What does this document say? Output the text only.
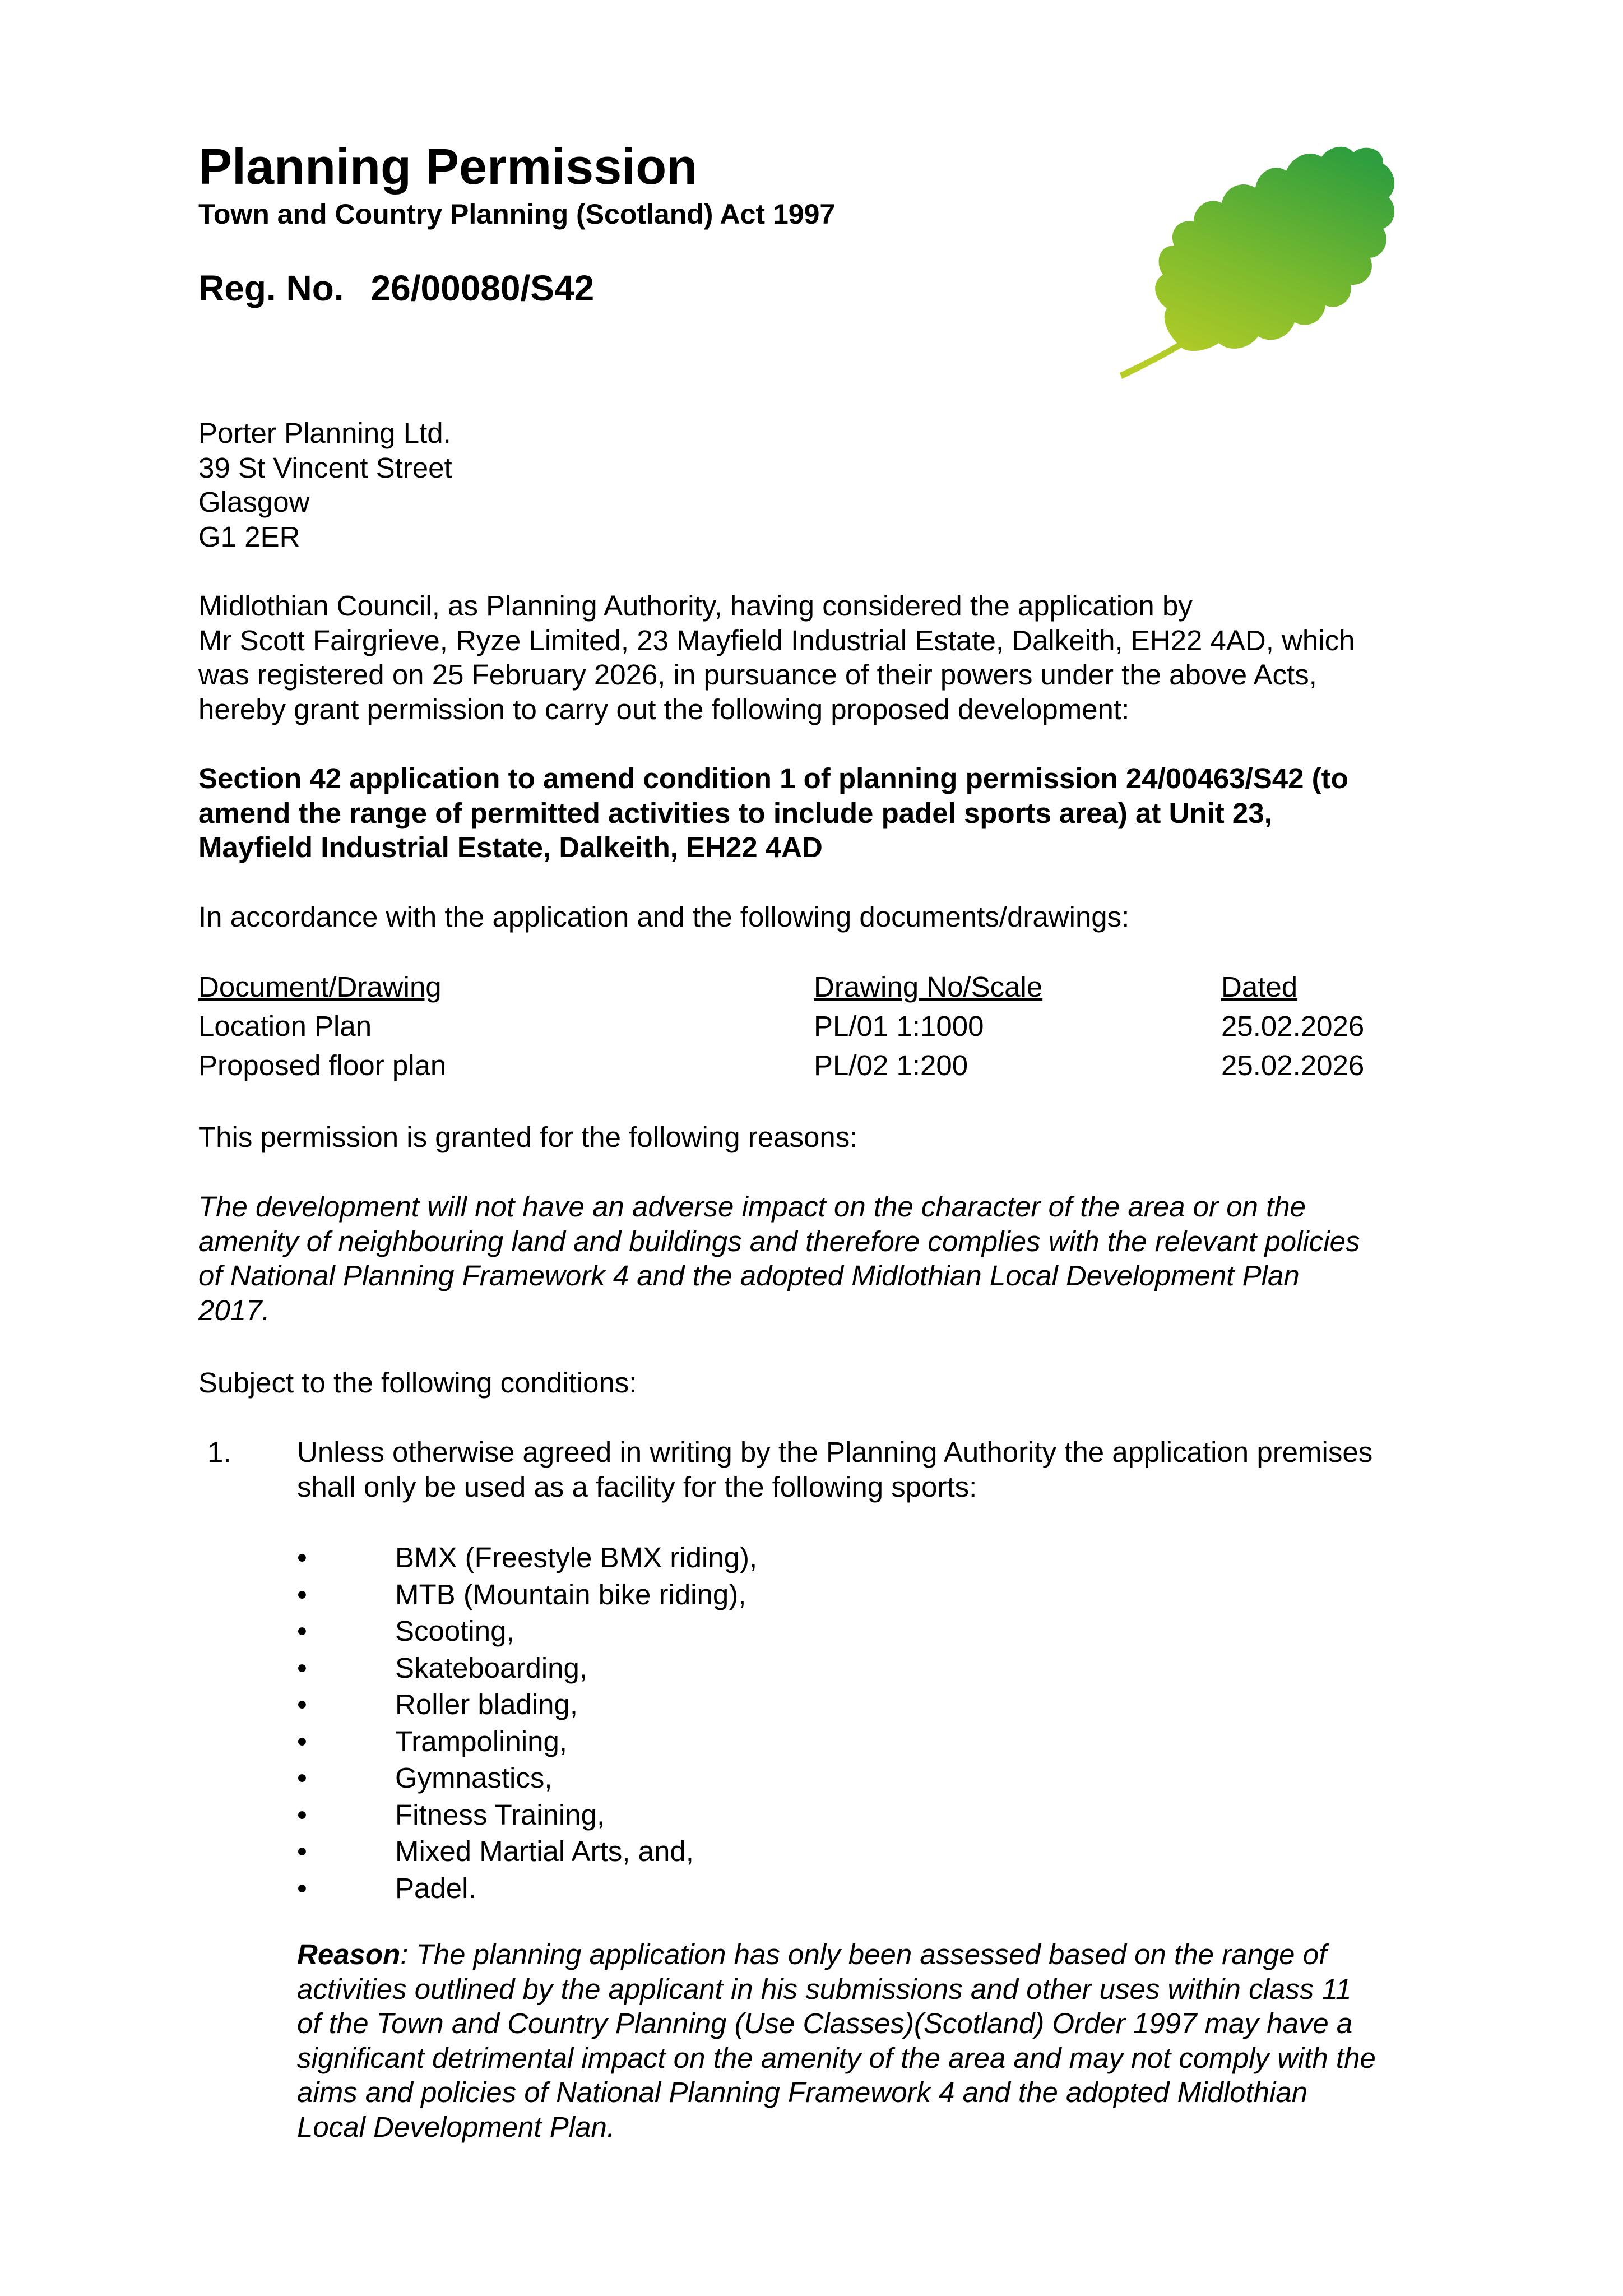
Planning Permission
Town and Country Planning (Scotland) Act 1997
Reg. No. 26/00080/S42
Porter Planning Ltd.
39 St Vincent Street
Glasgow
G1 2ER
Midlothian Council, as Planning Authority, having considered the application by
Mr Scott Fairgrieve, Ryze Limited, 23 Mayfield Industrial Estate, Dalkeith, EH22 4AD, which
was registered on 25 February 2026, in pursuance of their powers under the above Acts,
hereby grant permission to carry out the following proposed development:
Section 42 application to amend condition 1 of planning permission 24/00463/S42 (to
amend the range of permitted activities to include padel sports area) at Unit 23,
Mayfield Industrial Estate, Dalkeith, EH22 4AD
In accordance with the application and the following documents/drawings:
Document/Drawing	Drawing No/Scale	Dated
Location Plan	PL/01 1:1000	25.02.2026
Proposed floor plan	PL/02 1:200	25.02.2026
This permission is granted for the following reasons:
The development will not have an adverse impact on the character of the area or on the
amenity of neighbouring land and buildings and therefore complies with the relevant policies
of National Planning Framework 4 and the adopted Midlothian Local Development Plan
2017.
Subject to the following conditions:
1. Unless otherwise agreed in writing by the Planning Authority the application premises
shall only be used as a facility for the following sports:
•	BMX (Freestyle BMX riding),
•	MTB (Mountain bike riding),
•	Scooting,
•	Skateboarding,
•	Roller blading,
•	Trampolining,
•	Gymnastics,
•	Fitness Training,
•	Mixed Martial Arts, and,
•	Padel.
Reason: The planning application has only been assessed based on the range of
activities outlined by the applicant in his submissions and other uses within class 11
of the Town and Country Planning (Use Classes)(Scotland) Order 1997 may have a
significant detrimental impact on the amenity of the area and may not comply with the
aims and policies of National Planning Framework 4 and the adopted Midlothian
Local Development Plan.
